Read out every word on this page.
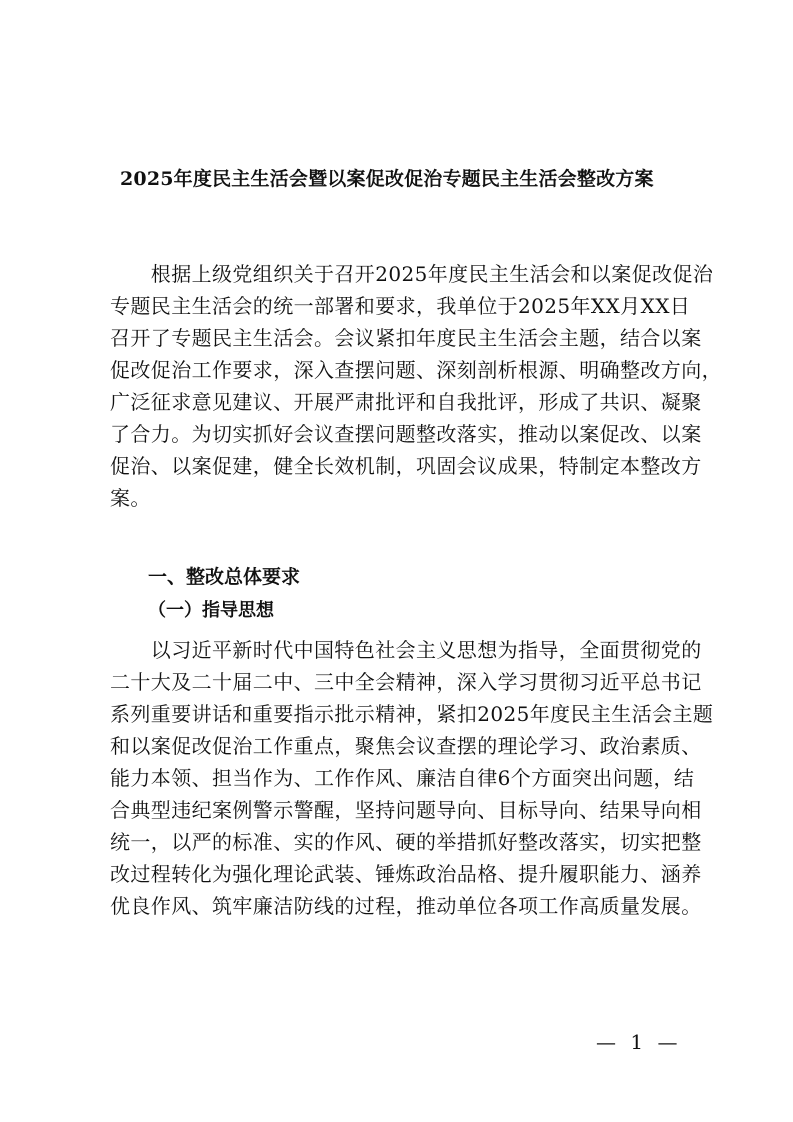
2025年度民主生活会暨以案促改促治专题民主生活会整改方案
　　根据上级党组织关于召开2025年度民主生活会和以案促改促治
专题民主生活会的统一部署和要求，我单位于2025年XX月XX日
召开了专题民主生活会。会议紧扣年度民主生活会主题，结合以案
促改促治工作要求，深入查摆问题、深刻剖析根源、明确整改方向，
广泛征求意见建议、开展严肃批评和自我批评，形成了共识、凝聚
了合力。为切实抓好会议查摆问题整改落实，推动以案促改、以案
促治、以案促建，健全长效机制，巩固会议成果，特制定本整改方
案。
一、整改总体要求
（一）指导思想
　　以习近平新时代中国特色社会主义思想为指导，全面贯彻党的
二十大及二十届二中、三中全会精神，深入学习贯彻习近平总书记
系列重要讲话和重要指示批示精神，紧扣2025年度民主生活会主题
和以案促改促治工作重点，聚焦会议查摆的理论学习、政治素质、
能力本领、担当作为、工作作风、廉洁自律6个方面突出问题，结
合典型违纪案例警示警醒，坚持问题导向、目标导向、结果导向相
统一，以严的标准、实的作风、硬的举措抓好整改落实，切实把整
改过程转化为强化理论武装、锤炼政治品格、提升履职能力、涵养
优良作风、筑牢廉洁防线的过程，推动单位各项工作高质量发展。
— 1 —
